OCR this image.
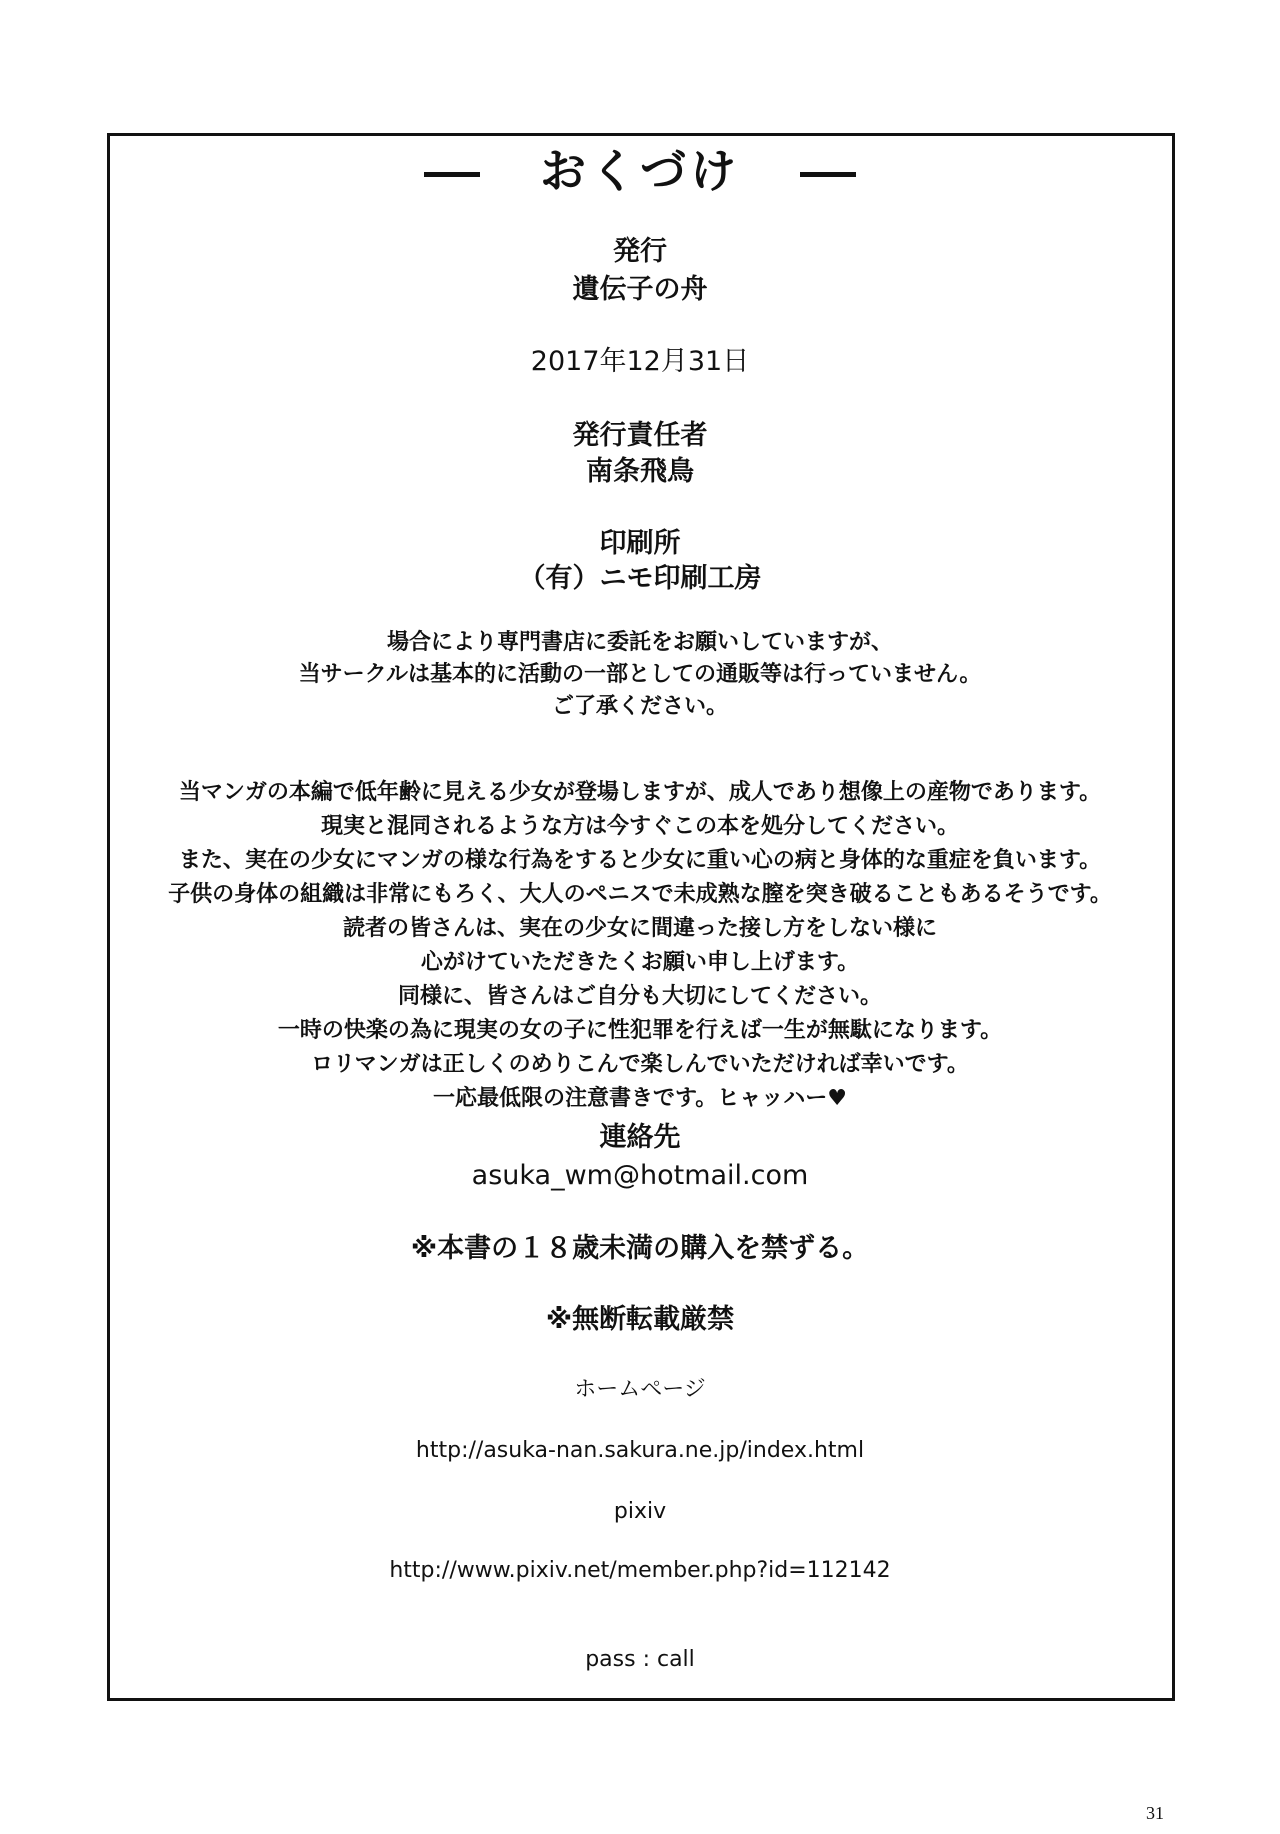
おくづけ
発行
遺伝子の舟
2017年12月31日
発行責任者
南条飛鳥
印刷所
（有）ニモ印刷工房
場合により専門書店に委託をお願いしていますが、
当サークルは基本的に活動の一部としての通販等は行っていません。
ご了承ください。
当マンガの本編で低年齢に見える少女が登場しますが、成人であり想像上の産物であります。
現実と混同されるような方は今すぐこの本を処分してください。
また、実在の少女にマンガの様な行為をすると少女に重い心の病と身体的な重症を負います。
子供の身体の組織は非常にもろく、大人のペニスで未成熟な膣を突き破ることもあるそうです。
読者の皆さんは、実在の少女に間違った接し方をしない様に
心がけていただきたくお願い申し上げます。
同様に、皆さんはご自分も大切にしてください。
一時の快楽の為に現実の女の子に性犯罪を行えば一生が無駄になります。
ロリマンガは正しくのめりこんで楽しんでいただければ幸いです。
一応最低限の注意書きです。ヒャッハー♥
連絡先
asuka_wm@hotmail.com
※本書の１８歳未満の購入を禁ずる。
※無断転載厳禁
ホームページ
http://asuka-nan.sakura.ne.jp/index.html
pixiv
http://www.pixiv.net/member.php?id=112142
pass : call
31
